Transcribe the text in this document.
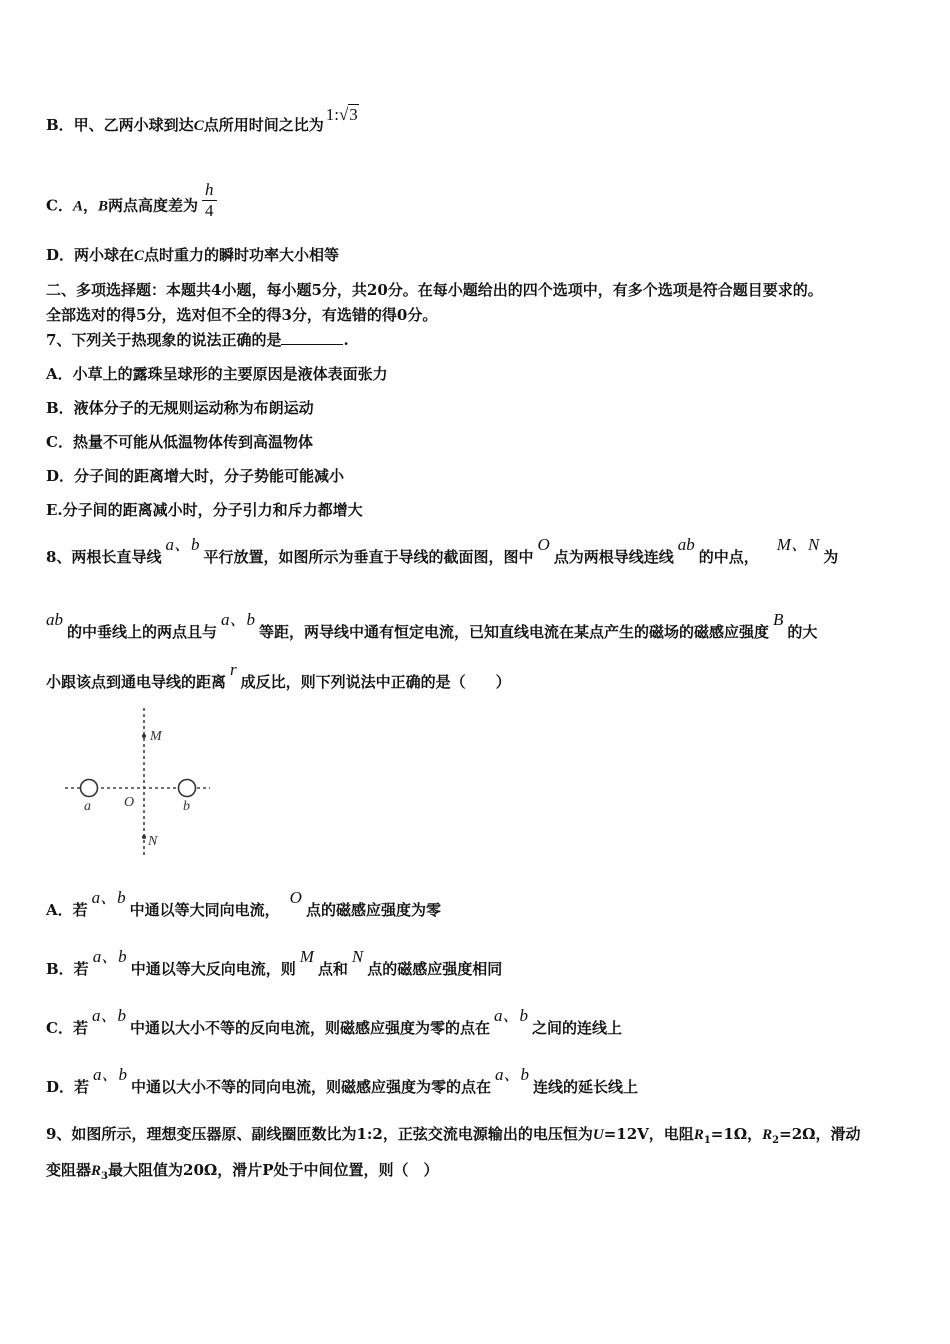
B．甲、乙两小球到达C点所用时间之比为1:√3
C．A，B两点高度差为 $\frac{h}{4}$
D．两小球在C点时重力的瞬时功率大小相等
二、多项选择题：本题共4小题，每小题5分，共20分。在每小题给出的四个选项中，有多个选项是符合题目要求的。
全部选对的得5分，选对但不全的得3分，有选错的得0分。
7、下列关于热现象的说法正确的是	.
A．小草上的露珠呈球形的主要原因是液体表面张力
B．液体分子的无规则运动称为布朗运动
C．热量不可能从低温物体传到高温物体
D．分子间的距离增大时，分子势能可能减小
E.分子间的距离减小时，分子引力和斥力都增大
8、两根长直导线a、b平行放置，如图所示为垂直于导线的截面图，图中O点为两根导线连线ab的中点，M、N为
ab的中垂线上的两点且与a、b等距，两导线中通有恒定电流，已知直线电流在某点产生的磁场的磁感应强度B的大
小跟该点到通电导线的距离r成反比，则下列说法中正确的是（　　）
M
N
O
a	b
A．若a、b中通以等大同向电流，O点的磁感应强度为零
B．若a、b中通以等大反向电流，则M点和N点的磁感应强度相同
C．若a、b中通以大小不等的反向电流，则磁感应强度为零的点在a、b之间的连线上
D．若a、b中通以大小不等的同向电流，则磁感应强度为零的点在a、b连线的延长线上
9、如图所示，理想变压器原、副线圈匝数比为1:2，正弦交流电源输出的电压恒为U=12V，电阻$R_1=1\Omega$，$R_2=2\Omega$，滑动
变阻器$R_3$最大阻值为20Ω，滑片P处于中间位置，则（　）
